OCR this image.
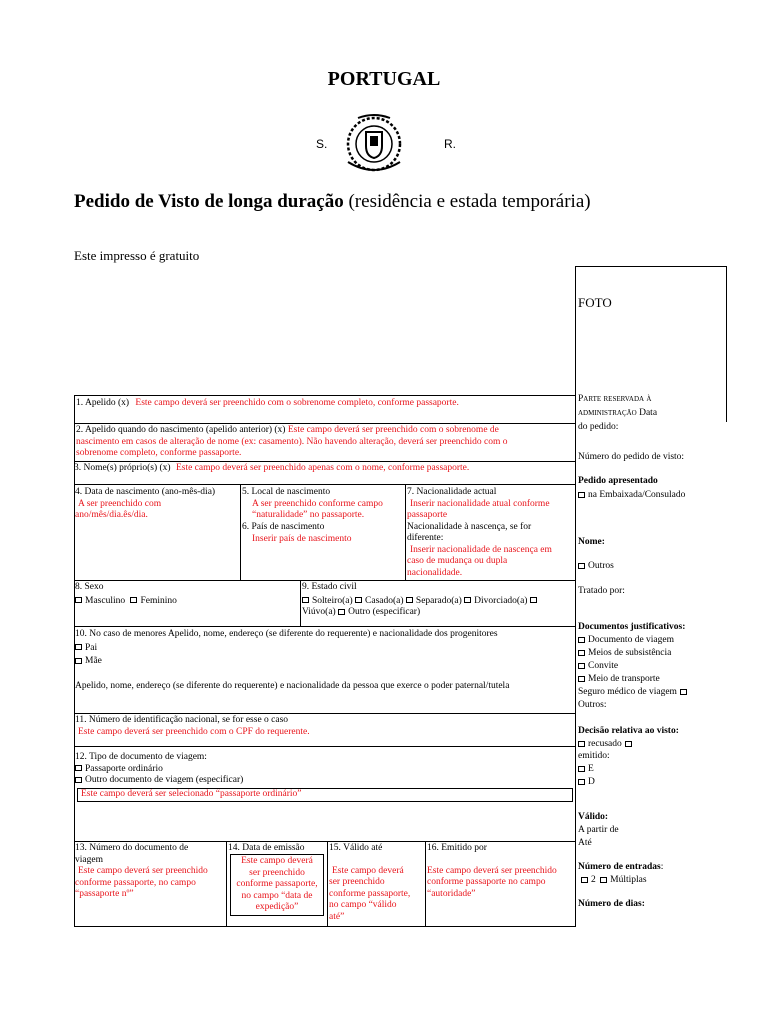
PORTUGAL
S.	R.
Pedido de Visto de longa duração (residência e estada temporária)
Este impresso é gratuito
FOTO
1. Apelido (x) Este campo deverá ser preenchido com o sobrenome completo, conforme passaporte.
2. Apelido quando do nascimento (apelido anterior) (x) Este campo deverá ser preenchido com o sobrenome de
nascimento em casos de alteração de nome (ex: casamento). Não havendo alteração, deverá ser preenchido com o
sobrenome completo, conforme passaporte.
3. Nome(s) próprio(s) (x) Este campo deverá ser preenchido apenas com o nome, conforme passaporte.
4. Data de nascimento (ano-mês-dia)
A ser preenchido com
ano/mês/dia.ês/dia.
5. Local de nascimento
A ser preenchido conforme campo
“naturalidade” no passaporte.
6. País de nascimento
Inserir país de nascimento
7. Nacionalidade actual
Inserir nacionalidade atual conforme
passaporte
Nacionalidade à nascença, se for
diferente:
Inserir nacionalidade de nascença em
caso de mudança ou dupla
nacionalidade.
8. Sexo
Masculino Feminino
9. Estado civil
Solteiro(a) Casado(a) Separado(a) Divorciado(a)
Viúvo(a) Outro (especificar)
10. No caso de menores Apelido, nome, endereço (se diferente do requerente) e nacionalidade dos progenitores
Pai
Mãe
Apelido, nome, endereço (se diferente do requerente) e nacionalidade da pessoa que exerce o poder paternal/tutela
11. Número de identificação nacional, se for esse o caso
Este campo deverá ser preenchido com o CPF do requerente.
12. Tipo de documento de viagem:
Passaporte ordinário
Outro documento de viagem (especificar)
Este campo deverá ser selecionado “passaporte ordinário”
13. Número do documento de
viagem
Este campo deverá ser preenchido
conforme passaporte, no campo
“passaporte nº”
14. Data de emissão
Este campo deverá
ser preenchido
conforme passaporte,
no campo “data de
expedição”
15. Válido até
Este campo deverá
ser preenchido
conforme passaporte,
no campo “válido
até”
16. Emitido por
Este campo deverá ser preenchido
conforme passaporte no campo
“autoridade”
Parte reservada à
administração Data
do pedido:
Número do pedido de visto:
Pedido apresentado
na Embaixada/Consulado
Nome:
Outros
Tratado por:
Documentos justificativos:
Documento de viagem
Meios de subsistência
Convite
Meio de transporte
Seguro médico de viagem
Outros:
Decisão relativa ao visto:
recusado
emitido:
E
D
Válido:
A partir de
Até
Número de entradas:
2 Múltiplas
Número de dias:
